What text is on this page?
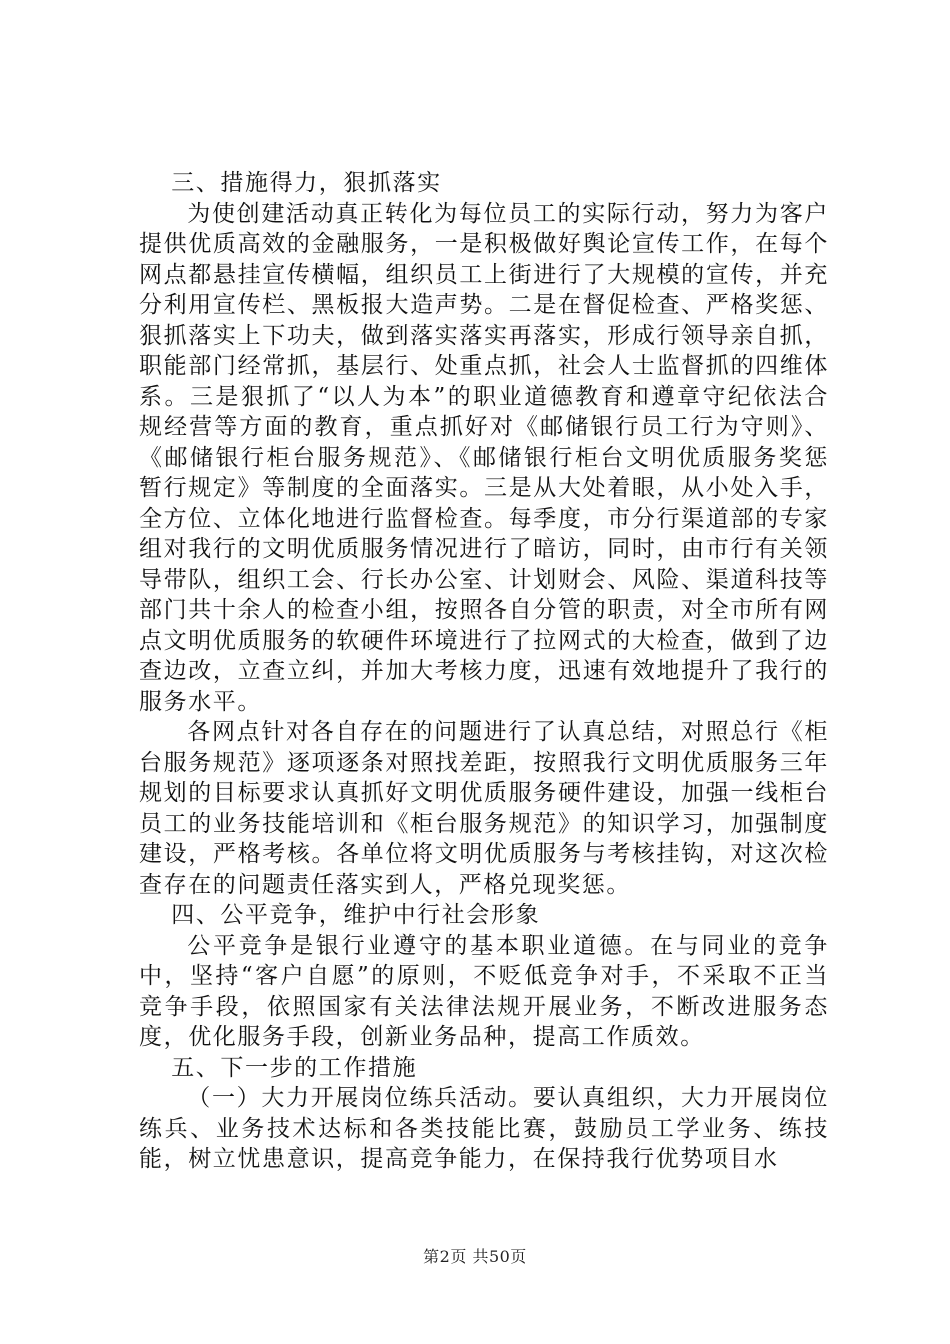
三、措施得力，狠抓落实

为使创建活动真正转化为每位员工的实际行动，努力为客户提供优质高效的金融服务，一是积极做好舆论宣传工作，在每个网点都悬挂宣传横幅，组织员工上街进行了大规模的宣传，并充分利用宣传栏、黑板报大造声势。二是在督促检查、严格奖惩、狠抓落实上下功夫，做到落实落实再落实，形成行领导亲自抓，职能部门经常抓，基层行、处重点抓，社会人士监督抓的四维体系。三是狠抓了“以人为本”的职业道德教育和遵章守纪依法合规经营等方面的教育，重点抓好对《邮储银行员工行为守则》、《邮储银行柜台服务规范》、《邮储银行柜台文明优质服务奖惩暂行规定》等制度的全面落实。三是从大处着眼，从小处入手，全方位、立体化地进行监督检查。每季度，市分行渠道部的专家组对我行的文明优质服务情况进行了暗访，同时，由市行有关领导带队，组织工会、行长办公室、计划财会、风险、渠道科技等部门共十余人的检查小组，按照各自分管的职责，对全市所有网点文明优质服务的软硬件环境进行了拉网式的大检查，做到了边查边改，立查立纠，并加大考核力度，迅速有效地提升了我行的服务水平。

各网点针对各自存在的问题进行了认真总结，对照总行《柜台服务规范》逐项逐条对照找差距，按照我行文明优质服务三年规划的目标要求认真抓好文明优质服务硬件建设，加强一线柜台员工的业务技能培训和《柜台服务规范》的知识学习，加强制度建设，严格考核。各单位将文明优质服务与考核挂钩，对这次检查存在的问题责任落实到人，严格兑现奖惩。

四、公平竞争，维护中行社会形象

公平竞争是银行业遵守的基本职业道德。在与同业的竞争中，坚持“客户自愿”的原则，不贬低竞争对手，不采取不正当竞争手段，依照国家有关法律法规开展业务，不断改进服务态度，优化服务手段，创新业务品种，提高工作质效。

五、下一步的工作措施

（一）大力开展岗位练兵活动。要认真组织，大力开展岗位练兵、业务技术达标和各类技能比赛，鼓励员工学业务、练技能，树立忧患意识，提高竞争能力，在保持我行优势项目水

第2页 共50页
